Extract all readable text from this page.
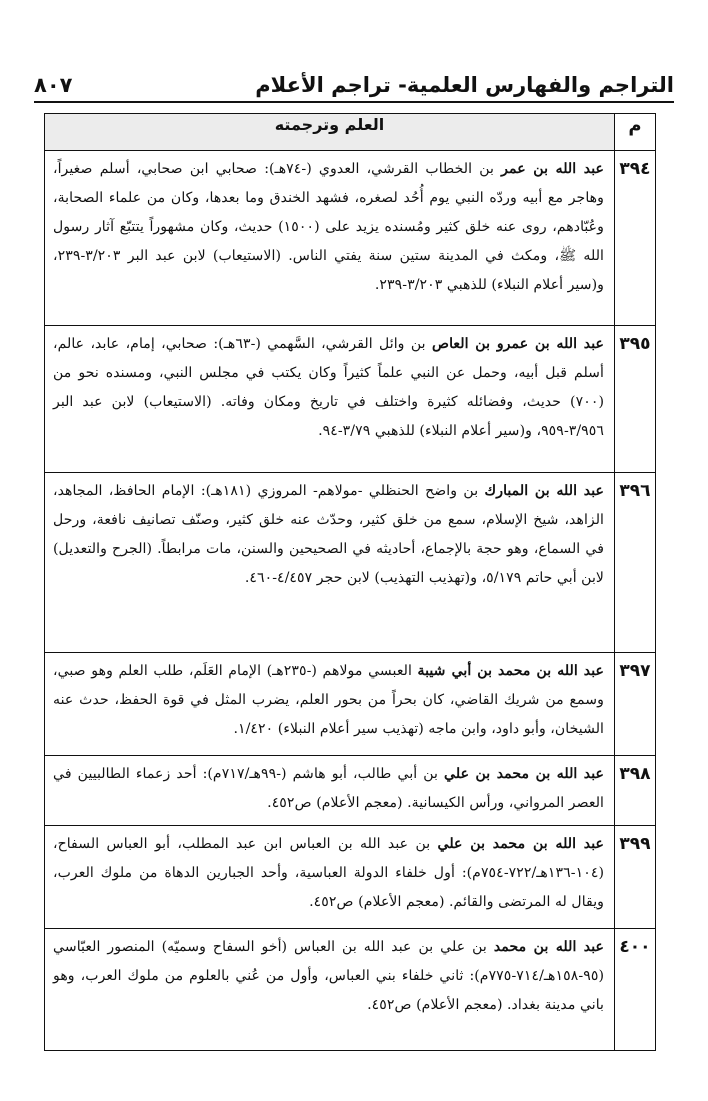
التراجم والفهارس العلمية- تراجم الأعلام
٨٠٧
م	العلم وترجمته
٣٩٤	عبد الله بن عمر بن الخطاب القرشي، العدوي (-٧٤هـ): صحابي ابن صحابي، أسلم صغيراً، وهاجر مع أبيه وردّه النبي يوم أُحُد لصغره، فشهد الخندق وما بعدها، وكان من علماء الصحابة، وعُبّادهم، روى عنه خلق كثير ومُسنده يزيد على (١٥٠٠) حديث، وكان مشهوراً يتتبّع آثار رسول الله ﷺ، ومكث في المدينة ستين سنة يفتي الناس. (الاستيعاب) لابن عبد البر ٣/٢٠٣-٢٣٩، و(سير أعلام النبلاء) للذهبي ٣/٢٠٣-٢٣٩.
٣٩٥	عبد الله بن عمرو بن العاص بن وائل القرشي، السَّهمي (-٦٣هـ): صحابي، إمام، عابد، عالم، أسلم قبل أبيه، وحمل عن النبي علماً كثيراً وكان يكتب في مجلس النبي، ومسنده نحو من (٧٠٠) حديث، وفضائله كثيرة واختلف في تاريخ ومكان وفاته. (الاستيعاب) لابن عبد البر ٣/٩٥٦-٩٥٩، و(سير أعلام النبلاء) للذهبي ٣/٧٩-٩٤.
٣٩٦	عبد الله بن المبارك بن واضح الحنظلي -مولاهم- المروزي (١٨١هـ): الإمام الحافظ، المجاهد، الزاهد، شيخ الإسلام، سمع من خلق كثير، وحدّث عنه خلق كثير، وصنّف تصانيف نافعة، ورحل في السماع، وهو حجة بالإجماع، أحاديثه في الصحيحين والسنن، مات مرابطاً. (الجرح والتعديل) لابن أبي حاتم ٥/١٧٩، و(تهذيب التهذيب) لابن حجر ٤/٤٥٧-٤٦٠.
٣٩٧	عبد الله بن محمد بن أبي شيبة العبسي مولاهم (-٢٣٥هـ) الإمام العَلَم، طلب العلم وهو صبي، وسمع من شريك القاضي، كان بحراً من بحور العلم، يضرب المثل في قوة الحفظ، حدث عنه الشيخان، وأبو داود، وابن ماجه (تهذيب سير أعلام النبلاء) ١/٤٢٠.
٣٩٨	عبد الله بن محمد بن علي بن أبي طالب، أبو هاشم (-٩٩هـ/٧١٧م): أحد زعماء الطالبيين في العصر المرواني، ورأس الكيسانية. (معجم الأعلام) ص٤٥٢.
٣٩٩	عبد الله بن محمد بن علي بن عبد الله بن العباس ابن عبد المطلب، أبو العباس السفاح، (١٠٤-١٣٦هـ/٧٢٢-٧٥٤م): أول خلفاء الدولة العباسية، وأحد الجبارين الدهاة من ملوك العرب، ويقال له المرتضى والقائم. (معجم الأعلام) ص٤٥٢.
٤٠٠	عبد الله بن محمد بن علي بن عبد الله بن العباس (أخو السفاح وسميّه) المنصور العبّاسي (٩٥-١٥٨هـ/٧١٤-٧٧٥م): ثاني خلفاء بني العباس، وأول من عُني بالعلوم من ملوك العرب، وهو باني مدينة بغداد. (معجم الأعلام) ص٤٥٢.
